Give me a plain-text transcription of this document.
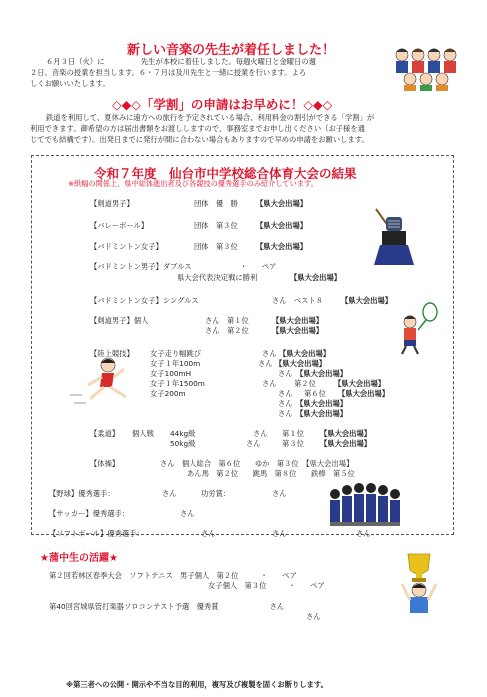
新しい音楽の先生が着任しました！
６月３日（火）に　　　　　先生が本校に着任しました。毎週火曜日と金曜日の週
２日、音楽の授業を担当します。６・７月は及川先生と一緒に授業を行います。よろ
しくお願いいたします。
◇◆◇「学割」の申請はお早めに！◇◆◇
鉄道を利用して、夏休みに遠方への旅行を予定されている場合、利用料金の割引ができる「学割」が
利用できます。御希望の方は届出書類をお渡ししますので、事務室までお申し出ください（お子様を通
じてでも結構です）。出発日までに発行が間に合わない場合もありますので早めの申請をお願いします。
令和７年度　仙台市中学校総合体育大会の結果
※紙幅の関係上、県中総体進出者及び各競技の優秀選手のみ紹介しています。
【剣道男子】	団体　優　勝 【県大会出場】
【バレーボール】	団体　第３位 【県大会出場】
【バドミントン女子】	団体　第３位 【県大会出場】
【バドミントン男子】ダブルス	・　　ペア
県大会代表決定戦に勝利	【県大会出場】
【バドミントン女子】シングルス	さん　ベスト８ 【県大会出場】
【剣道男子】個人	さん　第１位	【県大会出場】
さん　第２位	【県大会出場】
【陸上競技】 女子走り幅跳び	さん 【県大会出場】
女子１年100m	さん 【県大会出場】
女子100mH	さん 【県大会出場】
女子１年1500m	さん 第２位 【県大会出場】
女子200m	さん 第６位 【県大会出場】
さん 【県大会出場】
さん 【県大会出場】
【柔道】 個人戦 44kg級	さん 第１位 【県大会出場】
50kg級	さん	第３位 【県大会出場】
【体操】	さん　個人総合　第６位　　ゆか　第３位　【県大会出場】
あん馬　第２位　　跳馬　第８位　　鉄棒　第５位
【野球】優秀選手：	さん	功労賞：	さん
【サッカー】優秀選手：	さん
【ソフトボール】優秀選手：	さん	さん	さん
★蒲中生の活躍★
第２回若林区春季大会　ソフトテニス　男子個人　第２位　　　・　　ペア
女子個人　第３位　　　・　　ペア
第40回宮城県管打楽器ソロコンテスト予選　優秀賞　　　　　　　さん
さん
※第三者への公開・開示や不当な目的利用，複写及び複製を固くお断りします。
